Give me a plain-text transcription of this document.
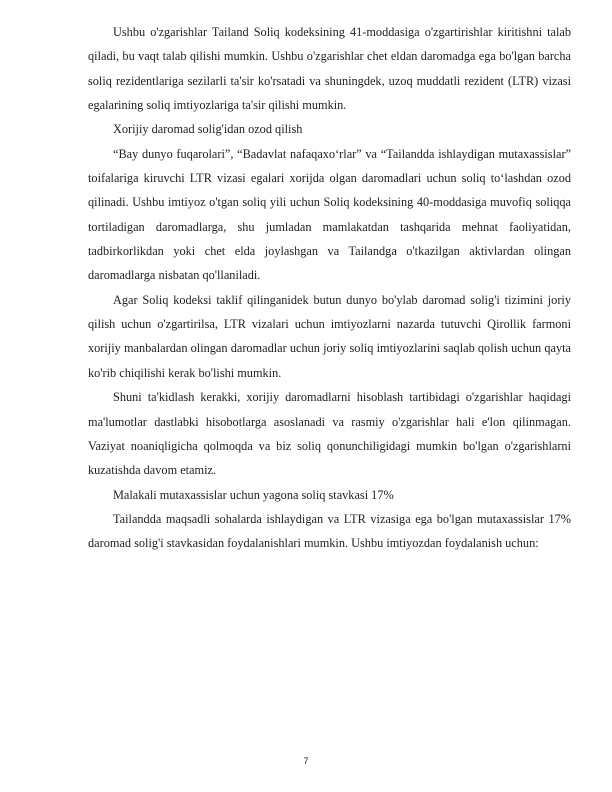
Ushbu o'zgarishlar Tailand Soliq kodeksining 41-moddasiga o'zgartirishlar kiritishni talab qiladi, bu vaqt talab qilishi mumkin. Ushbu o'zgarishlar chet eldan daromadga ega bo'lgan barcha soliq rezidentlariga sezilarli ta'sir ko'rsatadi va shuningdek, uzoq muddatli rezident (LTR) vizasi egalarining soliq imtiyozlariga ta'sir qilishi mumkin.

Xorijiy daromad solig'idan ozod qilish

“Bay dunyo fuqarolari”, “Badavlat nafaqaxo‘rlar” va “Tailandda ishlaydigan mutaxassislar” toifalariga kiruvchi LTR vizasi egalari xorijda olgan daromadlari uchun soliq to‘lashdan ozod qilinadi. Ushbu imtiyoz o'tgan soliq yili uchun Soliq kodeksining 40-moddasiga muvofiq soliqqa tortiladigan daromadlarga, shu jumladan mamlakatdan tashqarida mehnat faoliyatidan, tadbirkorlikdan yoki chet elda joylashgan va Tailandga o'tkazilgan aktivlardan olingan daromadlarga nisbatan qo'llaniladi.

Agar Soliq kodeksi taklif qilinganidek butun dunyo bo'ylab daromad solig'i tizimini joriy qilish uchun o'zgartirilsa, LTR vizalari uchun imtiyozlarni nazarda tutuvchi Qirollik farmoni xorijiy manbalardan olingan daromadlar uchun joriy soliq imtiyozlarini saqlab qolish uchun qayta ko'rib chiqilishi kerak bo'lishi mumkin.

Shuni ta'kidlash kerakki, xorijiy daromadlarni hisoblash tartibidagi o'zgarishlar haqidagi ma'lumotlar dastlabki hisobotlarga asoslanadi va rasmiy o'zgarishlar hali e'lon qilinmagan. Vaziyat noaniqligicha qolmoqda va biz soliq qonunchiligidagi mumkin bo'lgan o'zgarishlarni kuzatishda davom etamiz.

Malakali mutaxassislar uchun yagona soliq stavkasi 17%

Tailandda maqsadli sohalarda ishlaydigan va LTR vizasiga ega bo'lgan mutaxassislar 17% daromad solig'i stavkasidan foydalanishlari mumkin. Ushbu imtiyozdan foydalanish uchun:

7
